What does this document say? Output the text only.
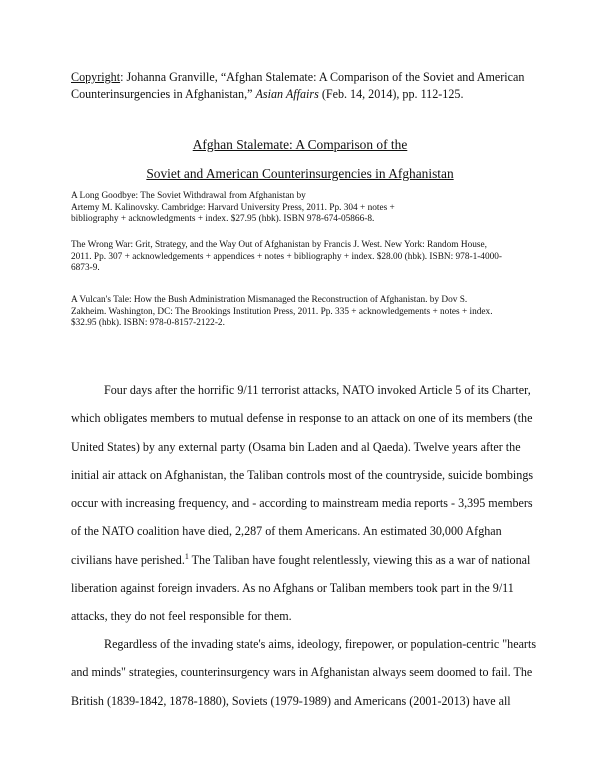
Copyright: Johanna Granville, “Afghan Stalemate: A Comparison of the Soviet and American Counterinsurgencies in Afghanistan,” Asian Affairs (Feb. 14, 2014), pp. 112-125.
Afghan Stalemate: A Comparison of the
Soviet and American Counterinsurgencies in Afghanistan
A Long Goodbye: The Soviet Withdrawal from Afghanistan by
Artemy M. Kalinovsky. Cambridge: Harvard University Press, 2011. Pp. 304 + notes +
bibliography + acknowledgments + index. $27.95 (hbk). ISBN 978-674-05866-8.
The Wrong War: Grit, Strategy, and the Way Out of Afghanistan by Francis J. West. New York: Random House,
2011. Pp. 307 + acknowledgements + appendices + notes + bibliography + index. $28.00 (hbk). ISBN: 978-1-4000-
6873-9.
A Vulcan's Tale: How the Bush Administration Mismanaged the Reconstruction of Afghanistan. by Dov S.
Zakheim. Washington, DC: The Brookings Institution Press, 2011. Pp. 335 + acknowledgements + notes + index.
$32.95 (hbk). ISBN: 978-0-8157-2122-2.
Four days after the horrific 9/11 terrorist attacks, NATO invoked Article 5 of its Charter,
which obligates members to mutual defense in response to an attack on one of its members (the
United States) by any external party (Osama bin Laden and al Qaeda). Twelve years after the
initial air attack on Afghanistan, the Taliban controls most of the countryside, suicide bombings
occur with increasing frequency, and - according to mainstream media reports - 3,395 members
of the NATO coalition have died, 2,287 of them Americans. An estimated 30,000 Afghan
civilians have perished.$^1$ The Taliban have fought relentlessly, viewing this as a war of national
liberation against foreign invaders. As no Afghans or Taliban members took part in the 9/11
attacks, they do not feel responsible for them.
Regardless of the invading state's aims, ideology, firepower, or population-centric "hearts
and minds" strategies, counterinsurgency wars in Afghanistan always seem doomed to fail. The
British (1839-1842, 1878-1880), Soviets (1979-1989) and Americans (2001-2013) have all
